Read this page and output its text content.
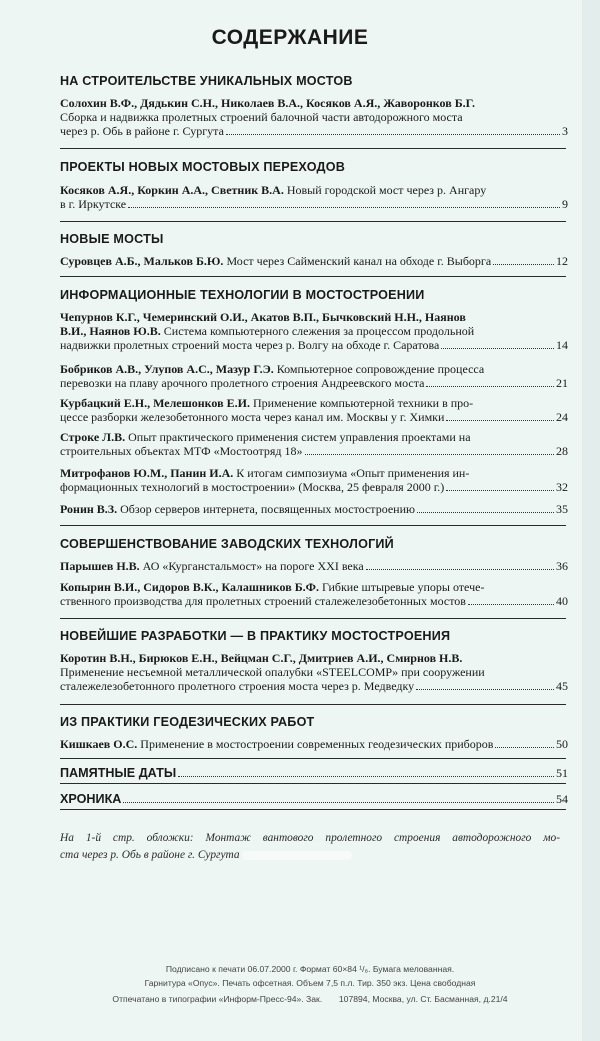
СОДЕРЖАНИЕ
НА СТРОИТЕЛЬСТВЕ УНИКАЛЬНЫХ МОСТОВ
Солохин В.Ф., Дядькин С.Н., Николаев В.А., Косяков А.Я., Жаворонков Б.Г.
Сборка и надвижка пролетных строений балочной части автодорожного моста
через р. Обь в районе г. Сургута	3
ПРОЕКТЫ НОВЫХ МОСТОВЫХ ПЕРЕХОДОВ
Косяков А.Я., Коркин А.А., Светник В.А.
Новый городской мост через р. Ангару
в г. Иркутске	9
НОВЫЕ МОСТЫ
Суровцев А.Б., Мальков Б.Ю.
Мост через Сайменский канал на обходе г. Выборга	12
ИНФОРМАЦИОННЫЕ ТЕХНОЛОГИИ В МОСТОСТРОЕНИИ
Чепурнов К.Г., Чемеринский О.И., Акатов В.П., Бычковский Н.Н., Наянов
В.И., Наянов Ю.В.
Система компьютерного слежения за процессом продольной
надвижки пролетных строений моста через р. Волгу на обходе г. Саратова	14
Бобриков А.В., Улупов А.С., Мазур Г.Э.
Компьютерное сопровождение процесса
перевозки на плаву арочного пролетного строения Андреевского моста	21
Курбацкий Е.Н., Мелешонков Е.И.
Применение компьютерной техники в про-
цессе разборки железобетонного моста через канал им. Москвы у г. Химки	24
Строке Л.В.
Опыт практического применения систем управления проектами на
строительных объектах МТФ «Мостоотряд 18»	28
Митрофанов Ю.М., Панин И.А.
К итогам симпозиума «Опыт применения ин-
формационных технологий в мостостроении» (Москва, 25 февраля 2000 г.)	32
Ронин В.З.
Обзор серверов интернета, посвященных мостостроению	35
СОВЕРШЕНСТВОВАНИЕ ЗАВОДСКИХ ТЕХНОЛОГИЙ
Парышев Н.В.
АО «Курганстальмост» на пороге XXI века	36
Копырин В.И., Сидоров В.К., Калашников Б.Ф.
Гибкие штыревые упоры отече-
ственного производства для пролетных строений сталежелезобетонных мостов	40
НОВЕЙШИЕ РАЗРАБОТКИ — В ПРАКТИКУ МОСТОСТРОЕНИЯ
Коротин В.Н., Бирюков Е.Н., Вейцман С.Г., Дмитриев А.И., Смирнов Н.В.
Применение несъемной металлической опалубки «STEELCOMP» при сооружении
сталежелезобетонного пролетного строения моста через р. Медведку	45
ИЗ ПРАКТИКИ ГЕОДЕЗИЧЕСКИХ РАБОТ
Кишкаев О.С.
Применение в мостостроении современных геодезических приборов	50
ПАМЯТНЫЕ ДАТЫ	51
ХРОНИКА	54
На 1-й стр. обложки: Монтаж вантового пролетного строения автодорожного мо-
ста через р. Обь в районе г. Сургута
Подписано к печати 06.07.2000 г. Формат 60×84 ¹/₈. Бумага мелованная.
Гарнитура «Опус». Печать офсетная. Объем 7,5 п.л. Тир. 350 экз. Цена свободная
Отпечатано в типографии «Информ-Пресс-94». Зак. 107894, Москва, ул. Ст. Басманная, д.21/4
